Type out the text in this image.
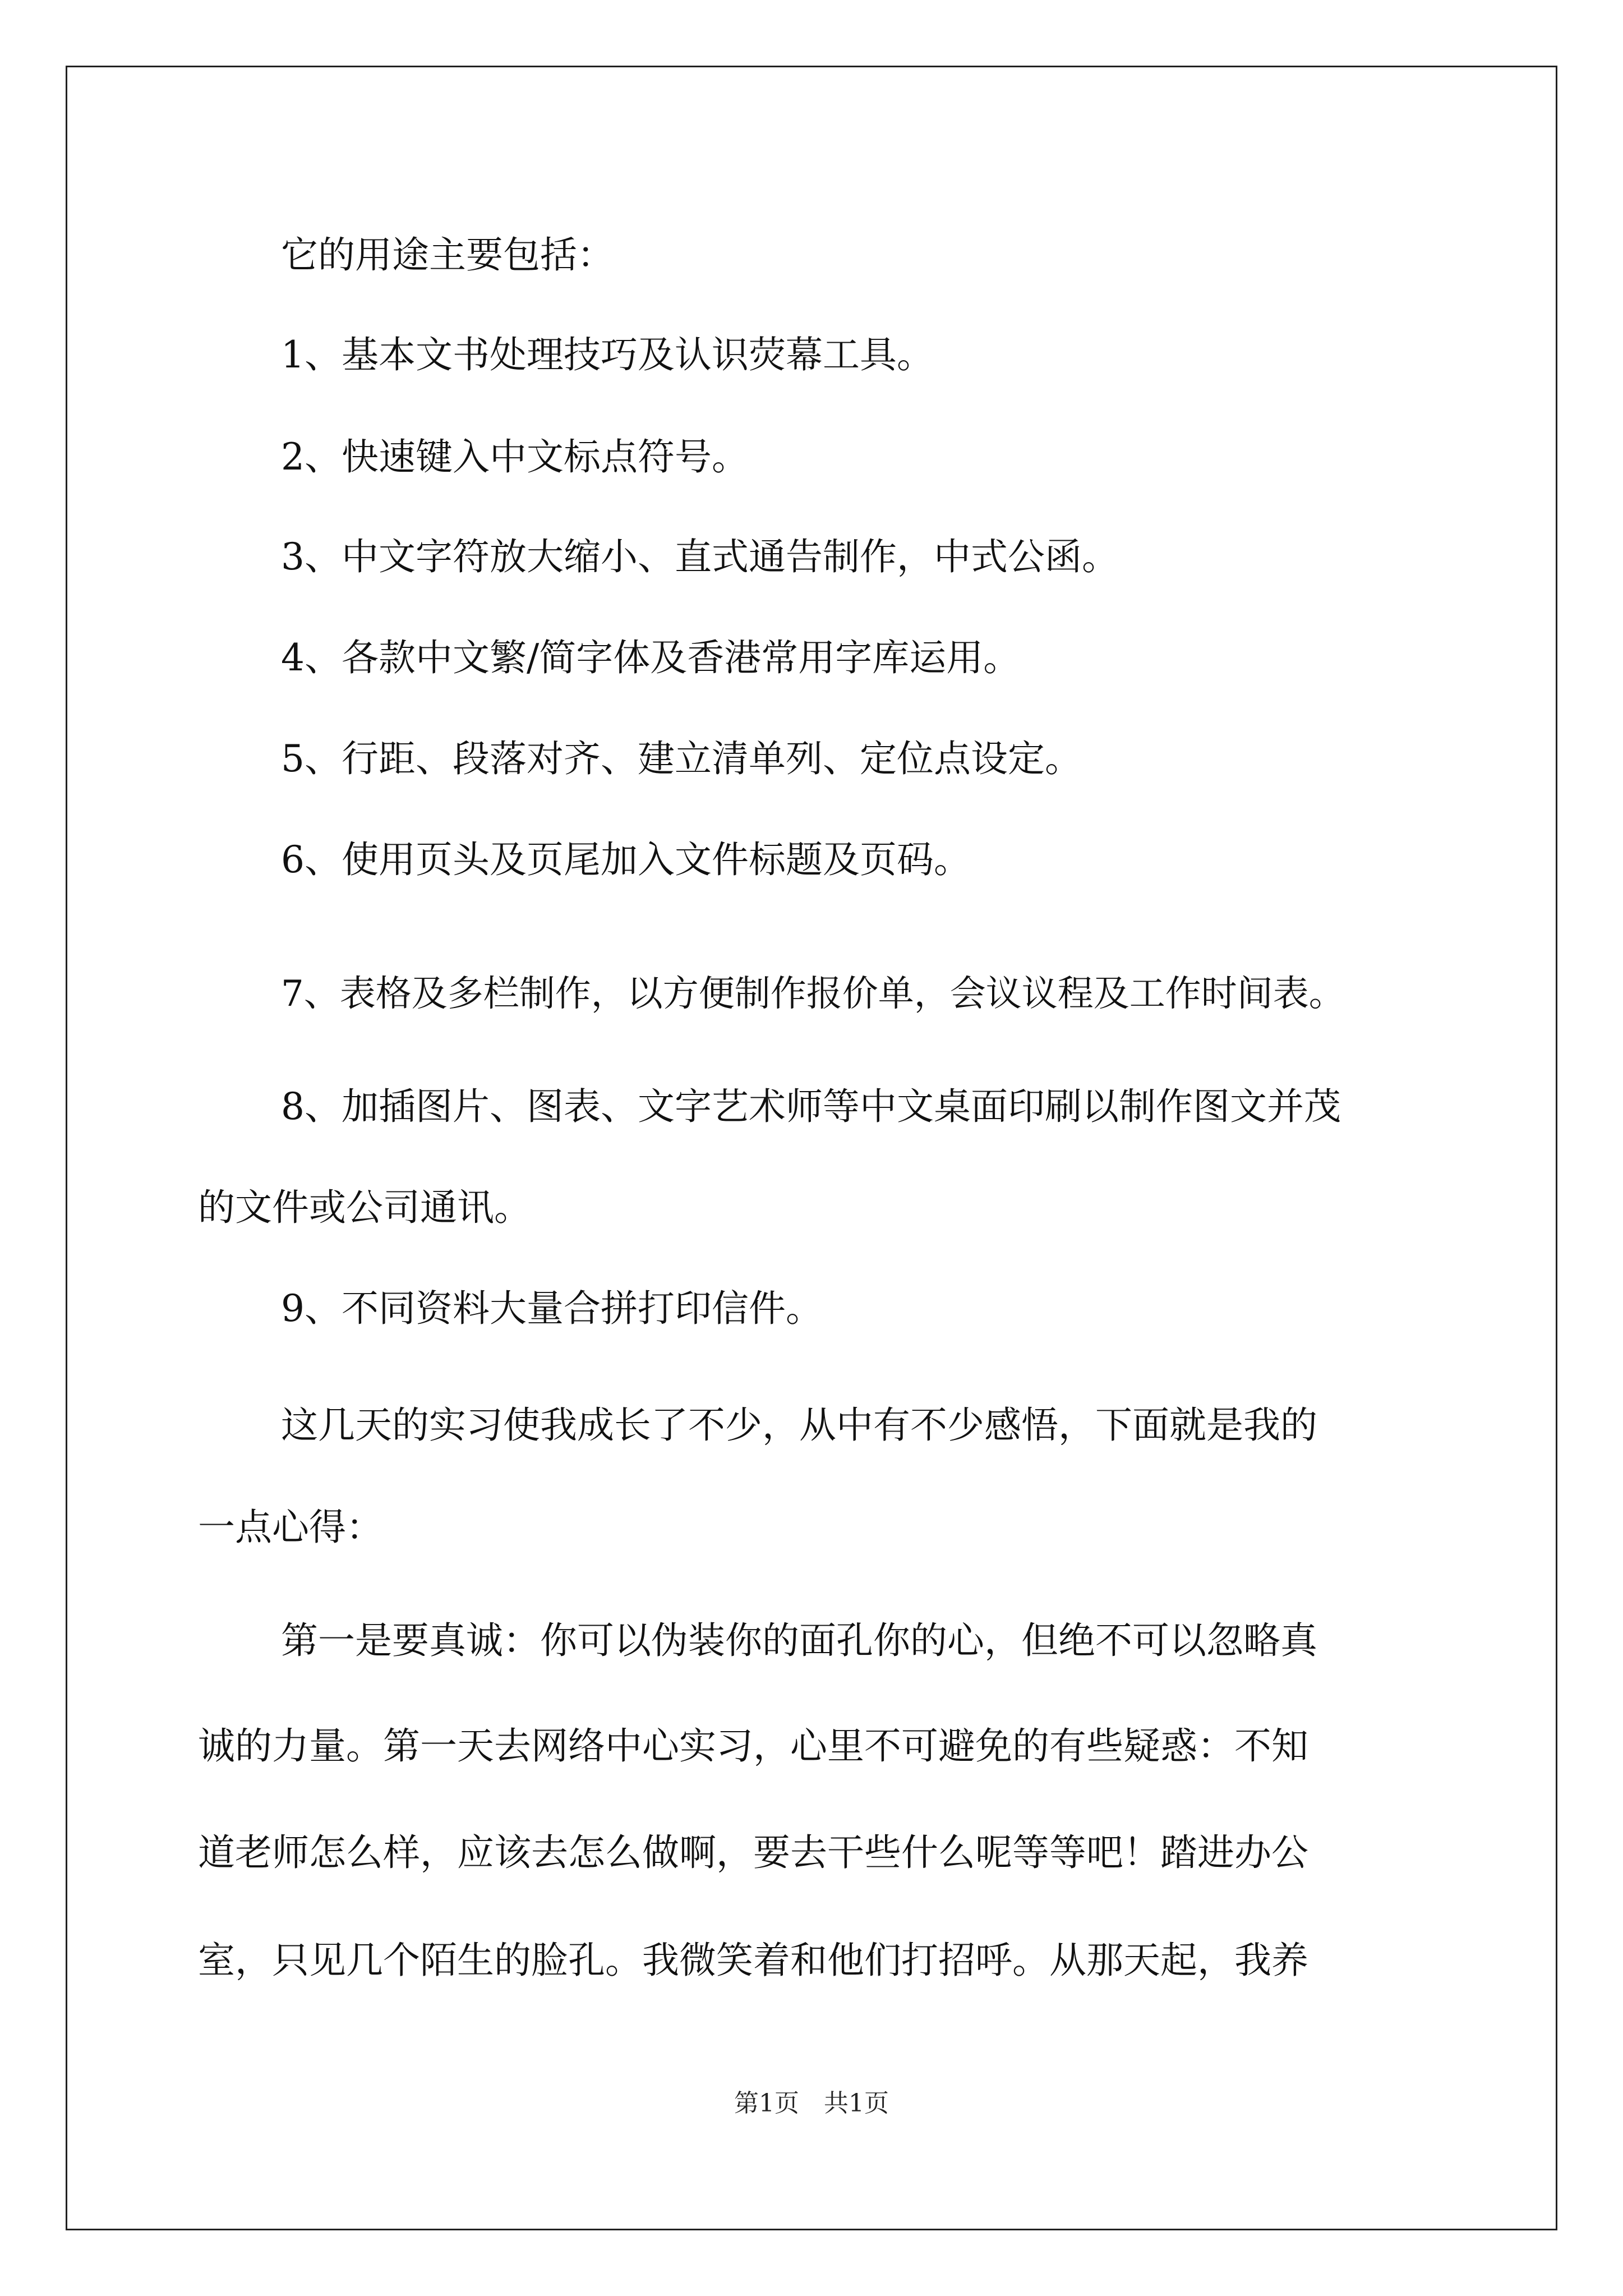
它的用途主要包括：
1、基本文书处理技巧及认识荧幕工具。
2、快速键入中文标点符号。
3、中文字符放大缩小、直式通告制作，中式公函。
4、各款中文繁/简字体及香港常用字库运用。
5、行距、段落对齐、建立清单列、定位点设定。
6、使用页头及页尾加入文件标题及页码。
7、表格及多栏制作，以方便制作报价单，会议议程及工作时间表。
8、加插图片、图表、文字艺术师等中文桌面印刷以制作图文并茂
的文件或公司通讯。
9、不同资料大量合拼打印信件。
这几天的实习使我成长了不少，从中有不少感悟，下面就是我的
一点心得：
第一是要真诚：你可以伪装你的面孔你的心，但绝不可以忽略真
诚的力量。第一天去网络中心实习，心里不可避免的有些疑惑：不知
道老师怎么样，应该去怎么做啊，要去干些什么呢等等吧！踏进办公
室，只见几个陌生的脸孔。我微笑着和他们打招呼。从那天起，我养
第1页　共1页
